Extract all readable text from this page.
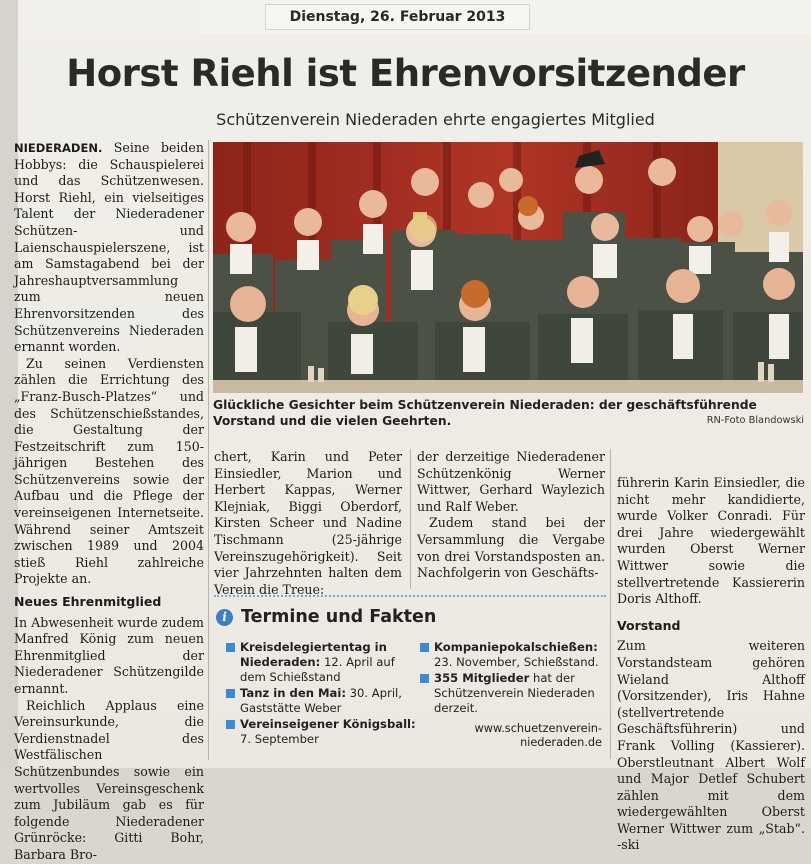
Dienstag, 26. Februar 2013
Horst Riehl ist Ehrenvorsitzender
Schützenverein Niederaden ehrte engagiertes Mitglied

NIEDERADEN. Seine beiden Hobbys: die Schauspielerei und das Schützenwesen. Horst Riehl, ein vielseitiges Talent der Niederadener Schützen- und Laienschauspielerszene, ist am Samstagabend bei der Jahreshauptversammlung zum neuen Ehrenvorsitzenden des Schützenvereins Niederaden ernannt worden.

Zu seinen Verdiensten zählen die Errichtung des „Franz-Busch-Platzes“ und des Schützenschießstandes, die Gestaltung der Festzeitschrift zum 150-jährigen Bestehen des Schützenvereins sowie der Aufbau und die Pflege der vereinseigenen Internetseite. Während seiner Amtszeit zwischen 1989 und 2004 stieß Riehl zahlreiche Projekte an.

Neues Ehrenmitglied

In Abwesenheit wurde zudem Manfred König zum neuen Ehrenmitglied der Niederadener Schützengilde ernannt.

Reichlich Applaus eine Vereinsurkunde, die Verdienstnadel des Westfälischen Schützenbundes sowie ein wertvolles Vereinsgeschenk zum Jubiläum gab es für folgende Niederadener Grünröcke: Gitti Bohr, Barbara Bro-

Glückliche Gesichter beim Schützenverein Niederaden: der geschäftsführende Vorstand und die vielen Geehrten.	RN-Foto Blandowski

chert, Karin und Peter Einsiedler, Marion und Herbert Kappas, Werner Klejniak, Biggi Oberdorf, Kirsten Scheer und Nadine Tischmann (25-jährige Vereinszugehörigkeit). Seit vier Jahrzehnten halten dem Verein die Treue:

der derzeitige Niederadener Schützenkönig Werner Wittwer, Gerhard Waylezich und Ralf Weber.

Zudem stand bei der Versammlung die Vergabe von drei Vorstandsposten an. Nachfolgerin von Geschäfts-

führerin Karin Einsiedler, die nicht mehr kandidierte, wurde Volker Conradi. Für drei Jahre wiedergewählt wurden Oberst Werner Wittwer sowie die stellvertretende Kassiererin Doris Althoff.

Vorstand

Zum weiteren Vorstandsteam gehören Wieland Althoff (Vorsitzender), Iris Hahne (stellvertretende Geschäftsführerin) und Frank Volling (Kassierer). Oberstleutnant Albert Wolf und Major Detlef Schubert zählen mit dem wiedergewählten Oberst Werner Wittwer zum „Stab“. -ski

i Termine und Fakten
Kreisdelegiertentag in Niederaden: 12. April auf dem Schießstand
Tanz in den Mai: 30. April, Gaststätte Weber
Vereinseigener Königsball: 7. September
Kompaniepokalschießen: 23. November, Schießstand.
355 Mitglieder hat der Schützenverein Niederaden derzeit.
www.schuetzenverein-
niederaden.de
